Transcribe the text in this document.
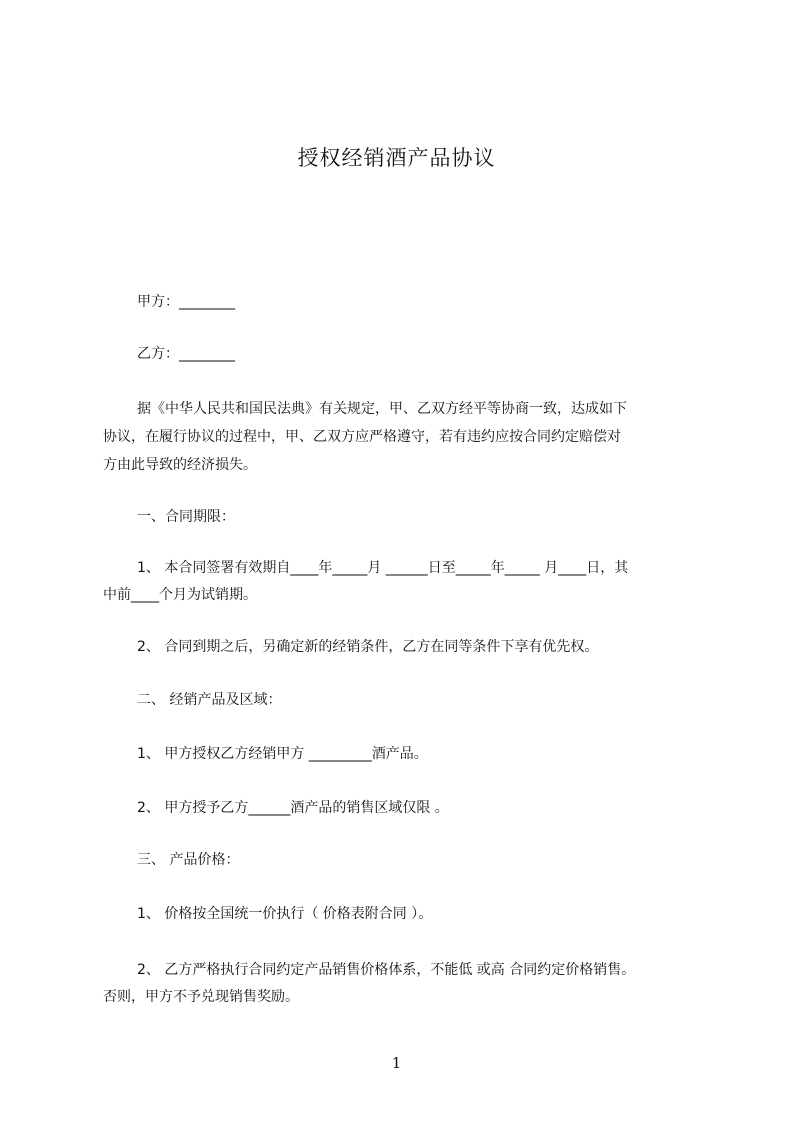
授权经销酒产品协议
甲方：________
乙方：________
据《中华人民共和国民法典》有关规定，甲、乙双方经平等协商一致，达成如下
协议，在履行协议的过程中，甲、乙双方应严格遵守，若有违约应按合同约定赔偿对
方由此导致的经济损失。
一、合同期限：
1、 本合同签署有效期自____年_____月 ______日至_____年_____ 月____日，其
中前____个月为试销期。
2、 合同到期之后，另确定新的经销条件，乙方在同等条件下享有优先权。
二、 经销产品及区域：
1、 甲方授权乙方经销甲方 _________酒产品。
2、 甲方授予乙方______酒产品的销售区域仅限 。
三、 产品价格：
1、 价格按全国统一价执行（ 价格表附合同 ）。
2、 乙方严格执行合同约定产品销售价格体系，不能低 或高 合同约定价格销售。
否则，甲方不予兑现销售奖励。
1
